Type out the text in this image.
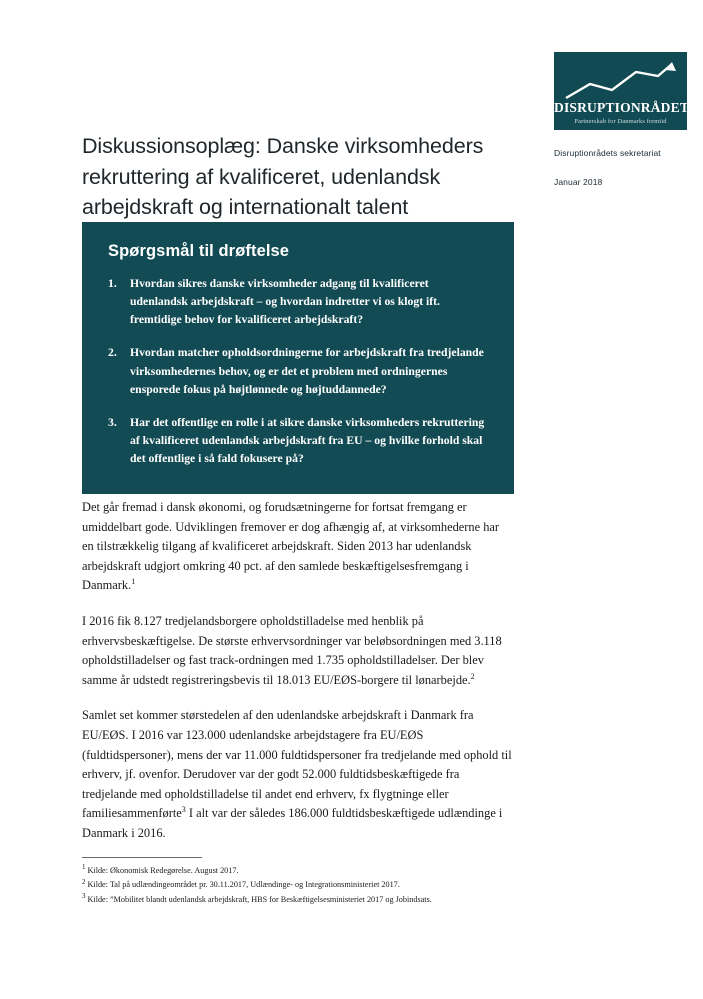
DISRUPTIONRÅDET
Partnerskab for Danmarks fremtid
Disruptionrådets sekretariat
Januar 2018
Diskussionsoplæg: Danske virksomheders rekruttering af kvalificeret, udenlandsk arbejdskraft og internationalt talent
Spørgsmål til drøftelse
1.	Hvordan sikres danske virksomheder adgang til kvalificeret udenlandsk arbejdskraft – og hvordan indretter vi os klogt ift. fremtidige behov for kvalificeret arbejdskraft?
2.	Hvordan matcher opholdsordningerne for arbejdskraft fra tredjelande virksomhedernes behov, og er det et problem med ordningernes ensporede fokus på højtlønnede og højtuddannede?
3.	Har det offentlige en rolle i at sikre danske virksomheders rekruttering af kvalificeret udenlandsk arbejdskraft fra EU – og hvilke forhold skal det offentlige i så fald fokusere på?

Det går fremad i dansk økonomi, og forudsætningerne for fortsat fremgang er umiddelbart gode. Udviklingen fremover er dog afhængig af, at virksomhederne har en tilstrækkelig tilgang af kvalificeret arbejdskraft. Siden 2013 har udenlandsk arbejdskraft udgjort omkring 40 pct. af den samlede beskæftigelsesfremgang i Danmark.$^1$

I 2016 fik 8.127 tredjelandsborgere opholdstilladelse med henblik på erhvervsbeskæftigelse. De største erhvervsordninger var beløbsordningen med 3.118 opholdstilladelser og fast track-ordningen med 1.735 opholdstilladelser. Der blev samme år udstedt registreringsbevis til 18.013 EU/EØS-borgere til lønarbejde.$^2$

Samlet set kommer størstedelen af den udenlandske arbejdskraft i Danmark fra EU/EØS. I 2016 var 123.000 udenlandske arbejdstagere fra EU/EØS (fuldtidspersoner), mens der var 11.000 fuldtidspersoner fra tredjelande med ophold til erhverv, jf. ovenfor. Derudover var der godt 52.000 fuldtidsbeskæftigede fra tredjelande med opholdstilladelse til andet end erhverv, fx flygtninge eller familiesammenførte$^3$ I alt var der således 186.000 fuldtidsbeskæftigede udlændinge i Danmark i 2016.

1 Kilde: Økonomisk Redegørelse. August 2017.

2 Kilde: Tal på udlændingeområdet pr. 30.11.2017, Udlændinge- og Integrationsministeriet 2017.

3 Kilde: ”Mobilitet blandt udenlandsk arbejdskraft, HBS for Beskæftigelsesministeriet 2017 og Jobindsats.
